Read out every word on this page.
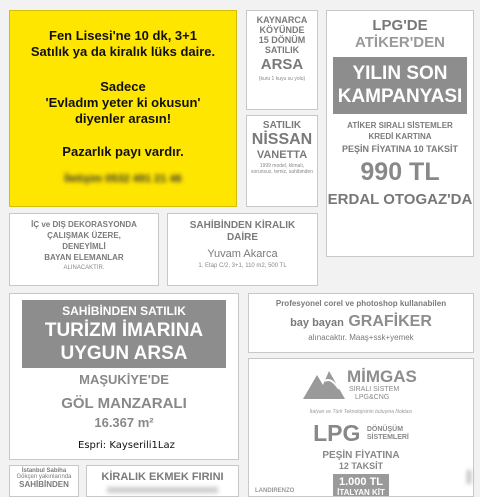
Fen Lisesi'ne 10 dk, 3+1
Satılık ya da kiralık lüks daire.
Sadece
'Evladım yeter ki okusun'
diyenler arasın!
Pazarlık payı vardır.
İletişim 0532 491 21 46
KAYNARCA
KÖYÜNDE
15 DÖNÜM
SATILIK
ARSA
(kuru 1 kuyu su yolu)
LPG'DE ATİKER'DEN
YILIN SON
KAMPANYASI
ATİKER SIRALI SİSTEMLER
KREDİ KARTINA
PEŞİN FİYATINA 10 TAKSİT
990 TL
ERDAL OTOGAZ'DA
SATILIK
NİSSAN
VANETTA
1999 model, klimalı, sorunsuz, temiz, sahibinden
İÇ ve DIŞ DEKORASYONDA
ÇALIŞMAK ÜZERE,
DENEYİMLİ
BAYAN ELEMANLAR
ALINACAKTIR.
SAHİBİNDEN KİRALIK
DAİRE
Yuvam Akarca
1. Etap C/2, 3+1, 110 m2, 500 TL
SAHİBİNDEN SATILIK
TURİZM İMARINA
UYGUN ARSA
MAŞUKİYE'DE
GÖL MANZARALI
16.367 m²
Espri: Kayserili1Laz
Profesyonel corel ve photoshop kullanabilen
bay bayan GRAFİKER
alınacaktır. Maaş+ssk+yemek
MİMGAS
SIRALI SİSTEM
LPG&CNG
İtalyan ve Türk Teknolojisinin buluşma Noktası
LPG DÖNÜŞÜM
SİSTEMLERİ
PEŞİN FİYATINA
12 TAKSİT
1.000 TL
İTALYAN KİT
LANDIRENZO
İstanbul Sabiha
Gökçen yakınlarında
SAHİBİNDEN
KİRALIK EKMEK FIRINI
